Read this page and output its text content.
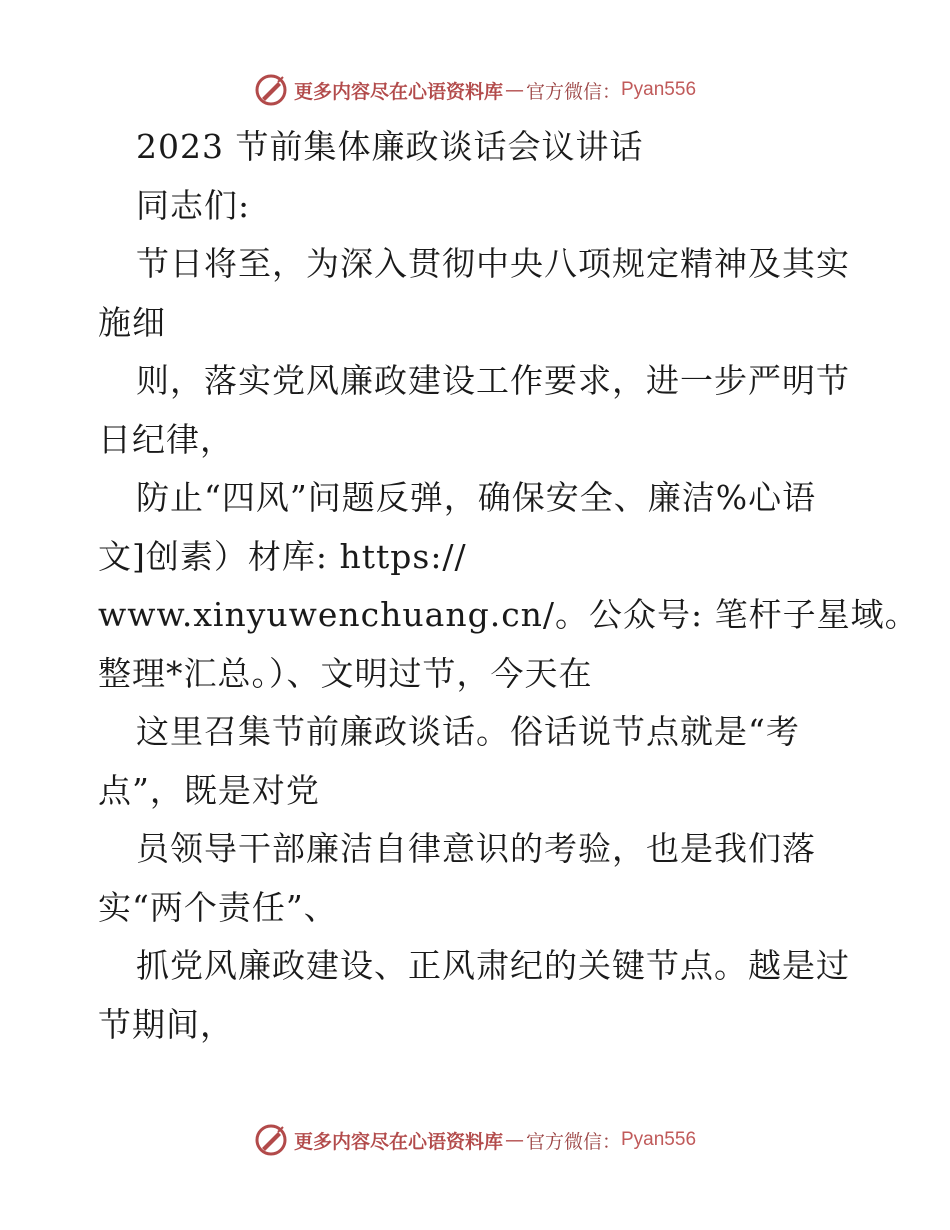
更多内容尽在心语资料库 — 官方微信： Pyan556
2023 节前集体廉政谈话会议讲话
同志们:
节日将至，为深入贯彻中央八项规定精神及其实
施细
则，落实党风廉政建设工作要求，进一步严明节
日纪律，
防止“四风”问题反弹，确保安全、廉洁%心语
文]创素）材库: https://
www.xinyuwenchuang.cn/。公众号: 笔杆子星域。
整理*汇总。）、文明过节，今天在
这里召集节前廉政谈话。俗话说节点就是“考
点”，既是对党
员领导干部廉洁自律意识的考验，也是我们落
实“两个责任”、
抓党风廉政建设、正风肃纪的关键节点。越是过
节期间，
更多内容尽在心语资料库 — 官方微信： Pyan556
